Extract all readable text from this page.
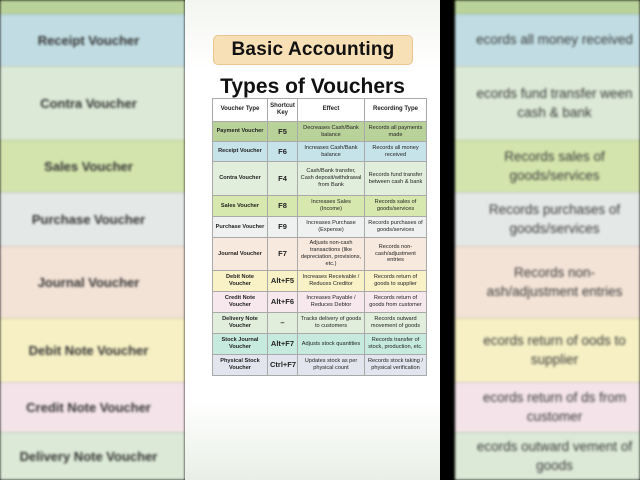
Receipt Voucher
Contra Voucher
Sales Voucher
Purchase Voucher
Journal Voucher
Debit Note Voucher
Credit Note Voucher
Delivery Note Voucher
ecords all money received
ecords fund transfer ween cash & bank
Records sales of goods/services
Records purchases of goods/services
Records non- ash/adjustment entries
ecords return of oods to supplier
ecords return of ds from customer
ecords outward vement of goods
Basic Accounting
Types of Vouchers
Voucher Type	Shortcut Key	Effect	Recording Type
Payment Voucher	F5	Decreases Cash/Bank balance	Records all payments made
Receipt Voucher	F6	Increases Cash/Bank balance	Records all money received
Contra Voucher	F4	Cash/Bank transfer, Cash deposit/withdrawal from Bank	Records fund transfer between cash & bank
Sales Voucher	F8	Increases Sales (Income)	Records sales of goods/services
Purchase Voucher	F9	Increases Purchase (Expense)	Records purchases of goods/services
Journal Voucher	F7	Adjusts non-cash transactions (like depreciation, provisions, etc.)	Records non-cash/adjustment entries
Debit Note Voucher	Alt+F5	Increases Receivable / Reduces Creditor	Records return of goods to supplier
Credit Note Voucher	Alt+F6	Increases Payable / Reduces Debtor	Records return of goods from customer
Delivery Note Voucher	–	Tracks delivery of goods to customers	Records outward movement of goods
Stock Journal Voucher	Alt+F7	Adjusts stock quantities	Records transfer of stock, production, etc.
Physical Stock Voucher	Ctrl+F7	Updates stock as per physical count	Records stock taking / physical verification
